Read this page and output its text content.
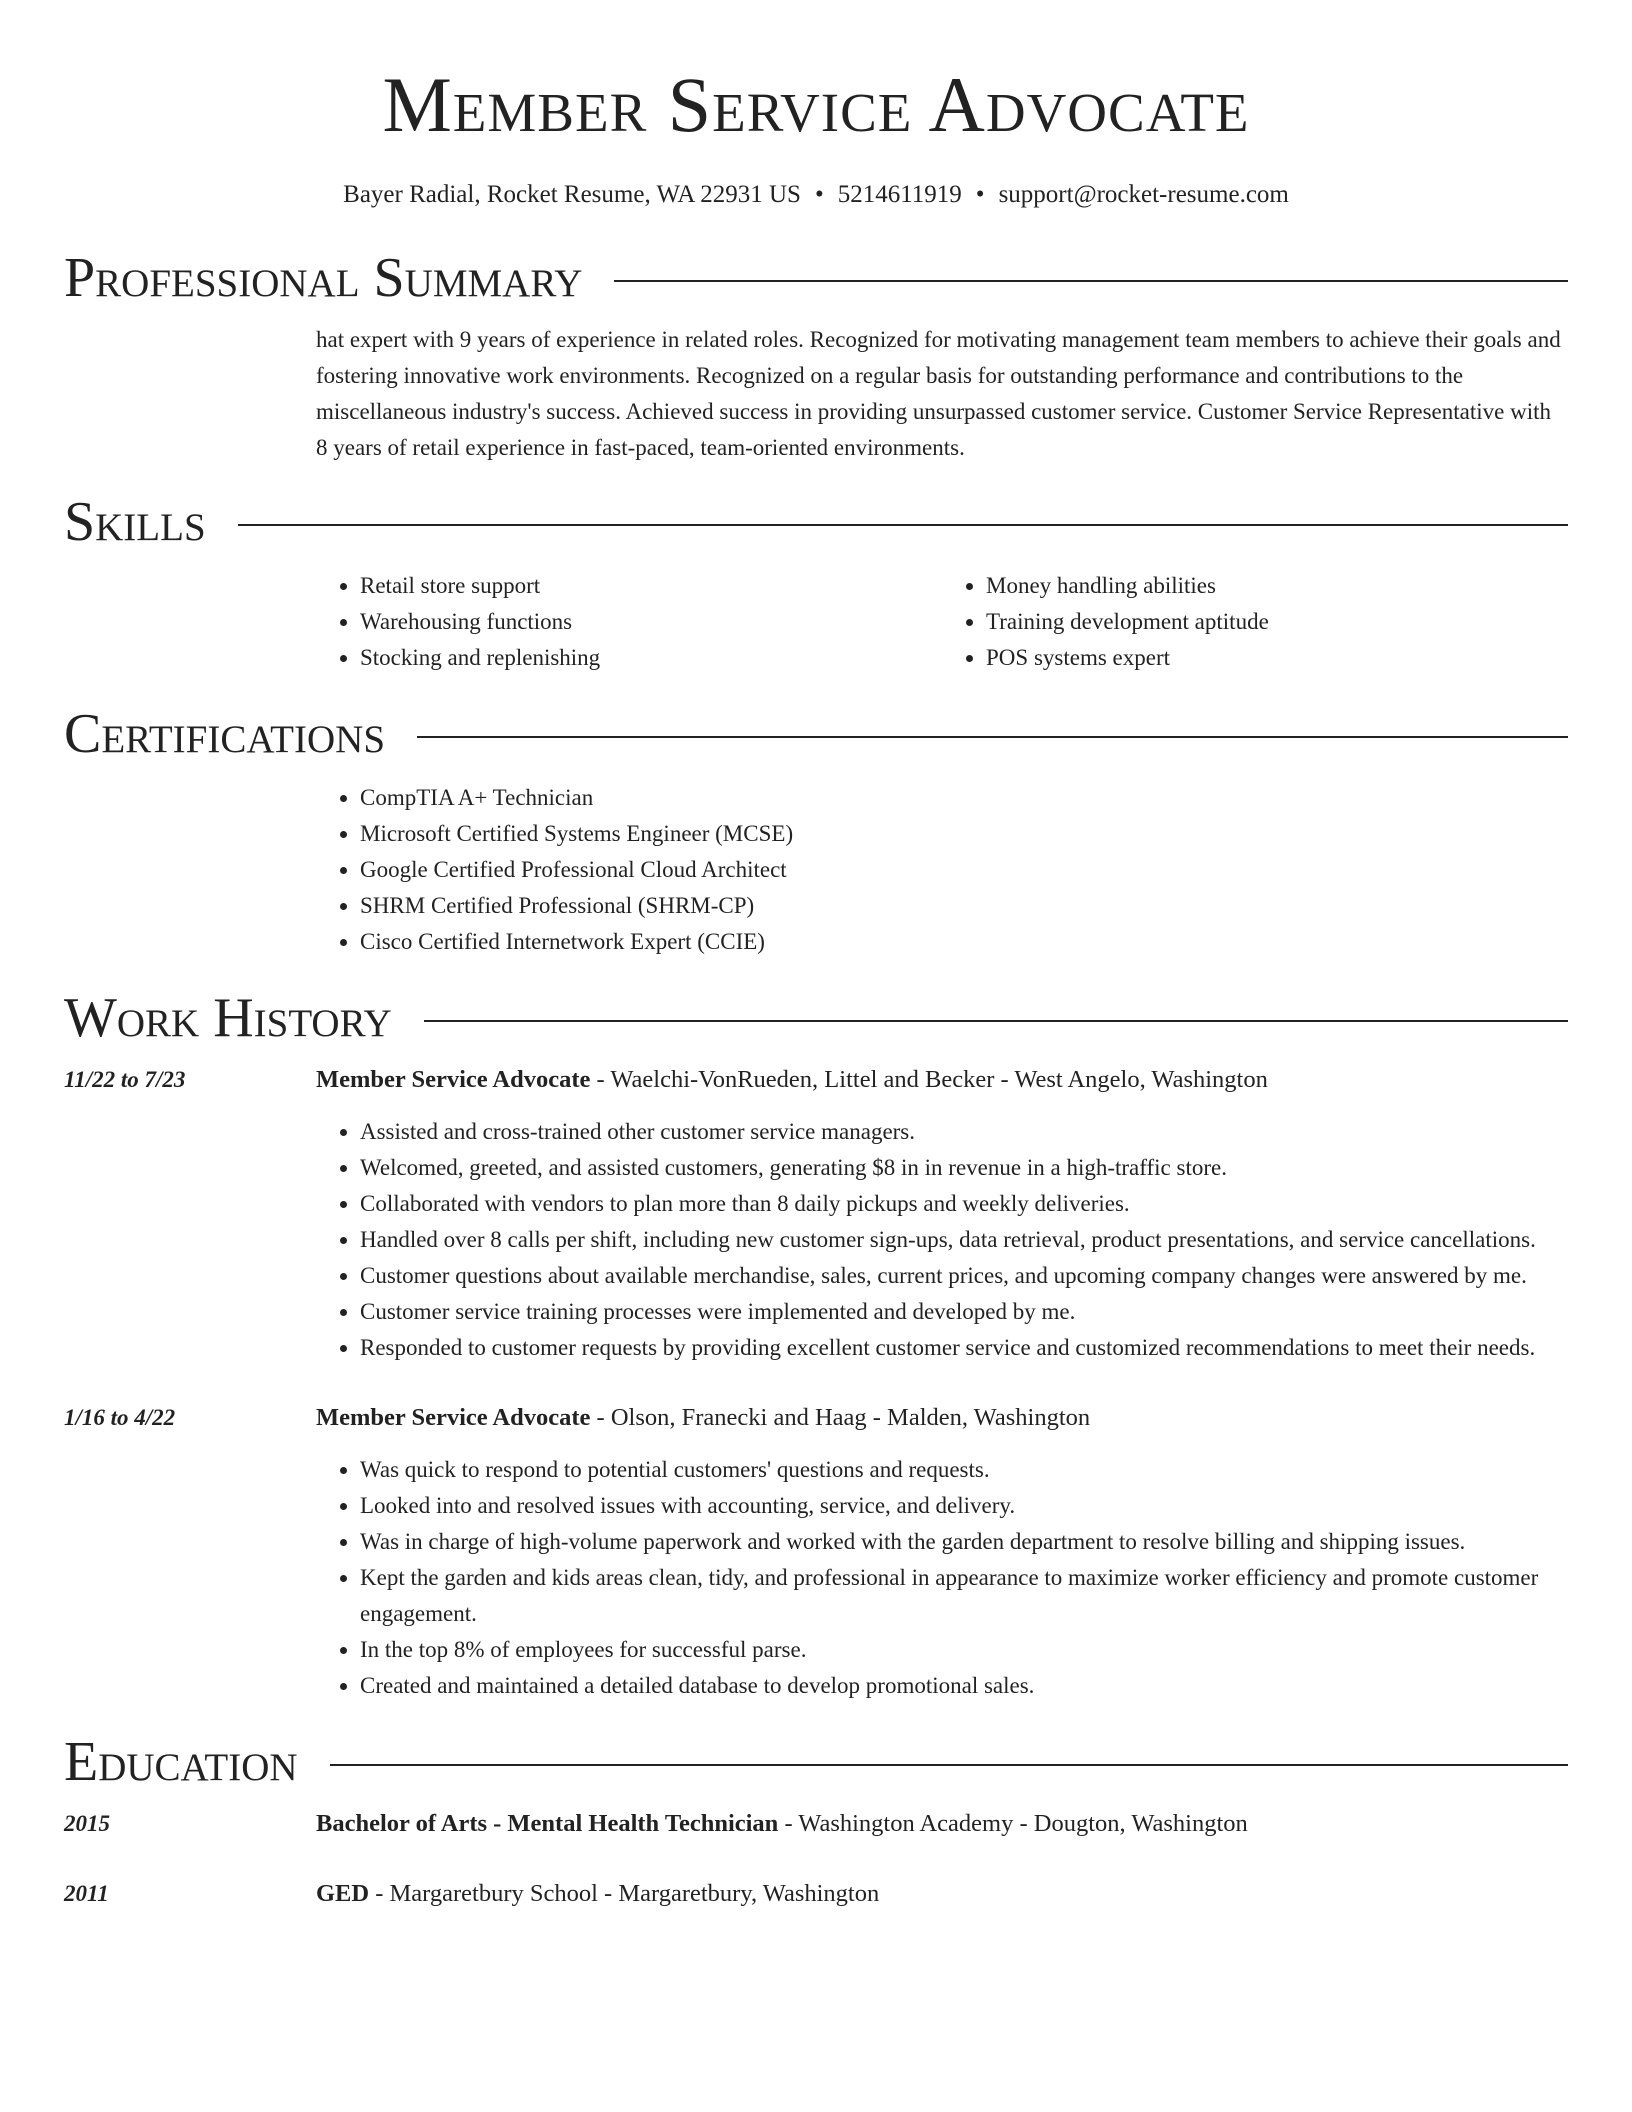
Member Service Advocate
Bayer Radial, Rocket Resume, WA 22931 US • 5214611919 • support@rocket-resume.com
Professional Summary
hat expert with 9 years of experience in related roles. Recognized for motivating management team members to achieve their goals and fostering innovative work environments. Recognized on a regular basis for outstanding performance and contributions to the miscellaneous industry's success. Achieved success in providing unsurpassed customer service. Customer Service Representative with 8 years of retail experience in fast-paced, team-oriented environments.
Skills
• Retail store support
• Warehousing functions
• Stocking and replenishing
• Money handling abilities
• Training development aptitude
• POS systems expert
Certifications
• CompTIA A+ Technician
• Microsoft Certified Systems Engineer (MCSE)
• Google Certified Professional Cloud Architect
• SHRM Certified Professional (SHRM-CP)
• Cisco Certified Internetwork Expert (CCIE)
Work History
11/22 to 7/23	Member Service Advocate - Waelchi-VonRueden, Littel and Becker - West Angelo, Washington
• Assisted and cross-trained other customer service managers.
• Welcomed, greeted, and assisted customers, generating $8 in in revenue in a high-traffic store.
• Collaborated with vendors to plan more than 8 daily pickups and weekly deliveries.
• Handled over 8 calls per shift, including new customer sign-ups, data retrieval, product presentations, and service cancellations.
• Customer questions about available merchandise, sales, current prices, and upcoming company changes were answered by me.
• Customer service training processes were implemented and developed by me.
• Responded to customer requests by providing excellent customer service and customized recommendations to meet their needs.
1/16 to 4/22	Member Service Advocate - Olson, Franecki and Haag - Malden, Washington
• Was quick to respond to potential customers' questions and requests.
• Looked into and resolved issues with accounting, service, and delivery.
• Was in charge of high-volume paperwork and worked with the garden department to resolve billing and shipping issues.
• Kept the garden and kids areas clean, tidy, and professional in appearance to maximize worker efficiency and promote customer engagement.
• In the top 8% of employees for successful parse.
• Created and maintained a detailed database to develop promotional sales.
Education
2015	Bachelor of Arts - Mental Health Technician - Washington Academy - Dougton, Washington
2011	GED - Margaretbury School - Margaretbury, Washington
